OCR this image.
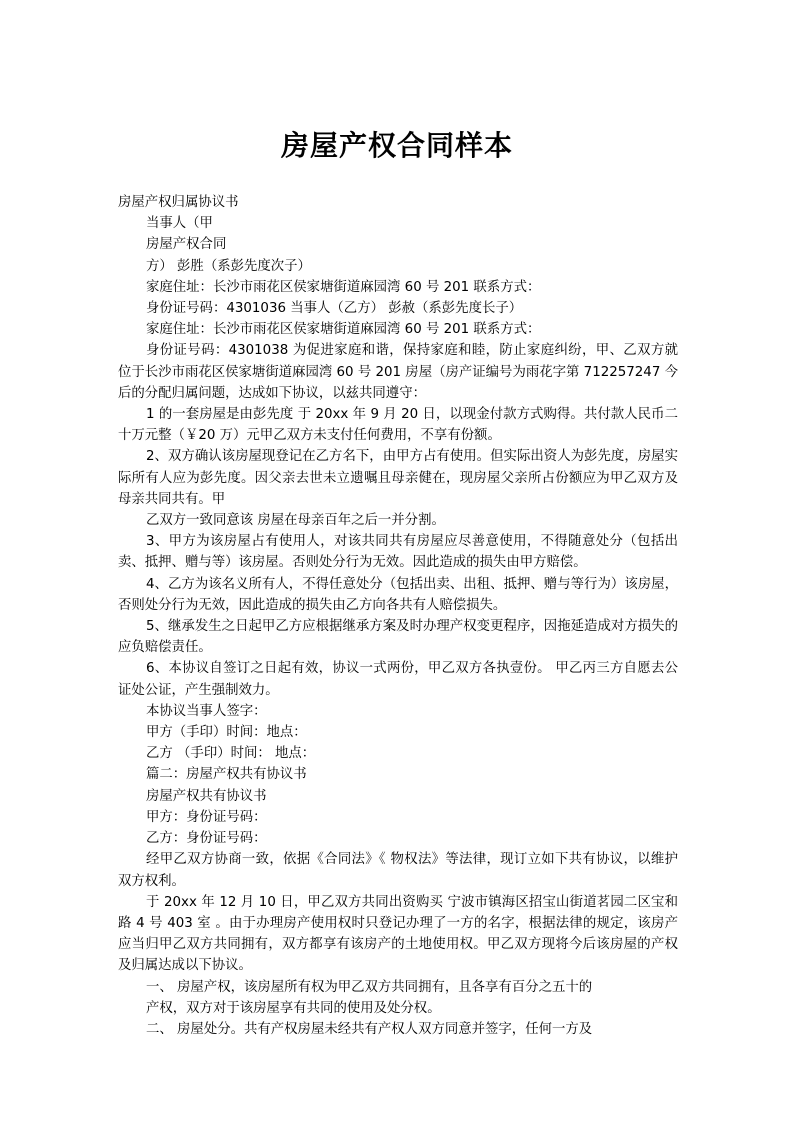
房屋产权合同样本

房屋产权归属协议书

当事人（甲

房屋产权合同

方） 彭胜（系彭先度次子）

家庭住址：长沙市雨花区侯家塘街道麻园湾 60 号 201 联系方式：

身份证号码：4301036 当事人（乙方） 彭赦（系彭先度长子）

家庭住址：长沙市雨花区侯家塘街道麻园湾 60 号 201 联系方式：

身份证号码：4301038 为促进家庭和谐，保持家庭和睦，防止家庭纠纷，甲、乙双方就位于长沙市雨花区侯家塘街道麻园湾 60 号 201 房屋（房产证编号为雨花字第 712257247 今后的分配归属问题，达成如下协议，以兹共同遵守：

1 的一套房屋是由彭先度 于 20xx 年 9 月 20 日，以现金付款方式购得。共付款人民币二十万元整（￥20 万）元甲乙双方未支付任何费用，不享有份额。

2、双方确认该房屋现登记在乙方名下，由甲方占有使用。但实际出资人为彭先度，房屋实际所有人应为彭先度。因父亲去世未立遗嘱且母亲健在，现房屋父亲所占份额应为甲乙双方及母亲共同共有。甲

乙双方一致同意该 房屋在母亲百年之后一并分割。

3、甲方为该房屋占有使用人，对该共同共有房屋应尽善意使用，不得随意处分（包括出卖、抵押、赠与等）该房屋。否则处分行为无效。因此造成的损失由甲方赔偿。

4、乙方为该名义所有人，不得任意处分（包括出卖、出租、抵押、赠与等行为）该房屋，否则处分行为无效，因此造成的损失由乙方向各共有人赔偿损失。

5、继承发生之日起甲乙方应根据继承方案及时办理产权变更程序，因拖延造成对方损失的应负赔偿责任。

6、本协议自签订之日起有效，协议一式两份，甲乙双方各执壹份。 甲乙丙三方自愿去公证处公证，产生强制效力。

本协议当事人签字：

甲方（手印）时间：地点：

乙方 （手印）时间： 地点：

篇二：房屋产权共有协议书

房屋产权共有协议书

甲方：身份证号码：

乙方：身份证号码：

经甲乙双方协商一致，依据《合同法》《 物权法》等法律，现订立如下共有协议，以维护双方权利。

于 20xx 年 12 月 10 日，甲乙双方共同出资购买 宁波市镇海区招宝山街道茗园二区宝和路 4 号 403 室 。由于办理房产使用权时只登记办理了一方的名字，根据法律的规定，该房产应当归甲乙双方共同拥有，双方都享有该房产的土地使用权。甲乙双方现将今后该房屋的产权及归属达成以下协议。

一、 房屋产权，该房屋所有权为甲乙双方共同拥有，且各享有百分之五十的

产权，双方对于该房屋享有共同的使用及处分权。

二、 房屋处分。共有产权房屋未经共有产权人双方同意并签字，任何一方及
